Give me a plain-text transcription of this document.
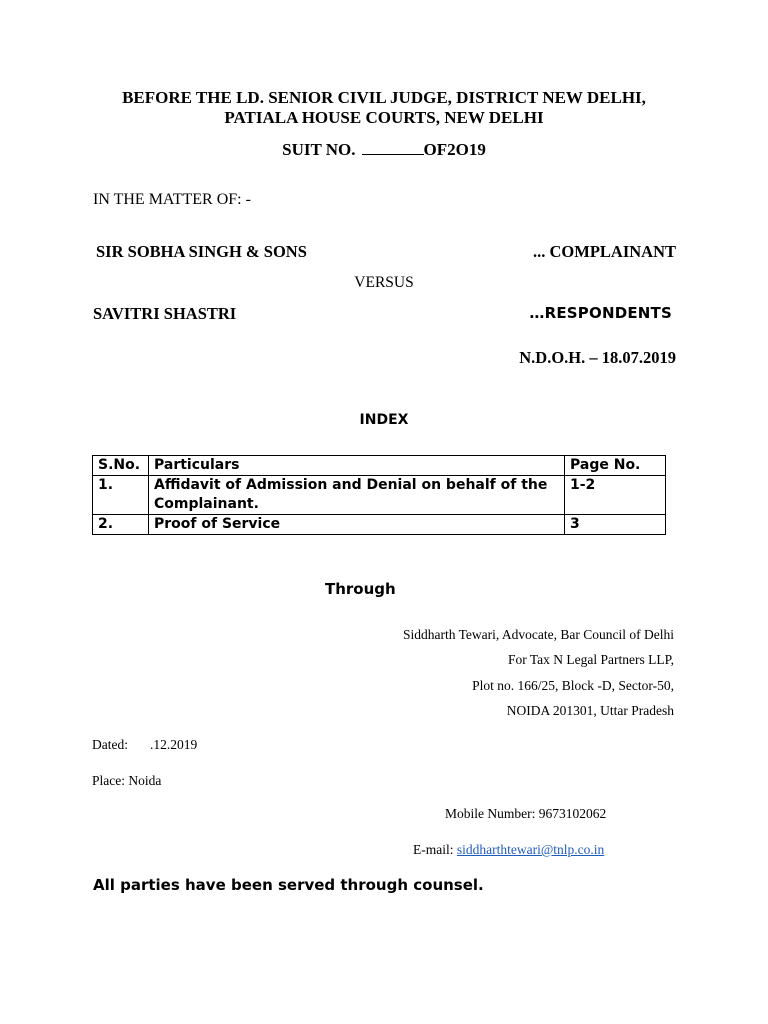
BEFORE THE LD. SENIOR CIVIL JUDGE, DISTRICT NEW DELHI,
PATIALA HOUSE COURTS, NEW DELHI
SUIT NO.	OF2O19
IN THE MATTER OF: -
SIR SOBHA SINGH & SONS	... COMPLAINANT
VERSUS
SAVITRI SHASTRI	…RESPONDENTS
N.D.O.H. – 18.07.2019
INDEX
S.No.	Particulars	Page No.
1.	Affidavit of Admission and Denial on behalf of the Complainant.	1-2
2.	Proof of Service	3
Through
Siddharth Tewari, Advocate, Bar Council of Delhi
For Tax N Legal Partners LLP,
Plot no. 166/25, Block -D, Sector-50,
NOIDA 201301, Uttar Pradesh
Dated: .12.2019
Place: Noida
Mobile Number: 9673102062
E-mail: siddharthtewari@tnlp.co.in
All parties have been served through counsel.
